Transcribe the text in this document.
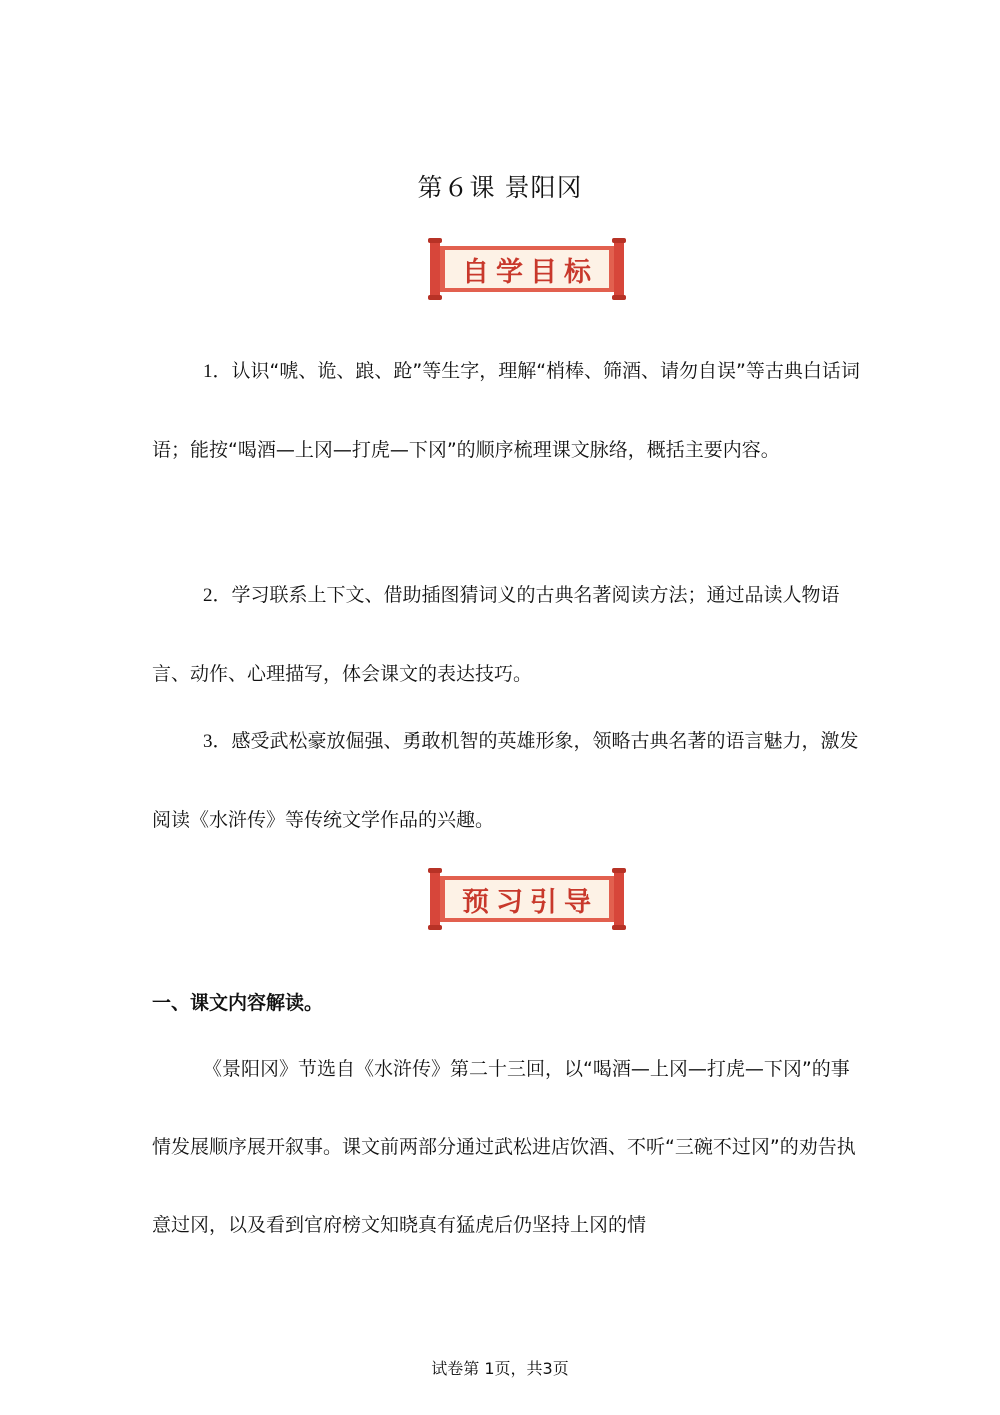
第６课 景阳冈
自学目标

1．认识“唬、诡、踉、跄”等生字，理解“梢棒、筛酒、请勿自误”等古典白话词语；能按“喝酒—上冈—打虎—下冈”的顺序梳理课文脉络，概括主要内容。

2．学习联系上下文、借助插图猜词义的古典名著阅读方法；通过品读人物语言、动作、心理描写，体会课文的表达技巧。

3．感受武松豪放倔强、勇敢机智的英雄形象，领略古典名著的语言魅力，激发阅读《水浒传》等传统文学作品的兴趣。

预习引导

一、课文内容解读。

《景阳冈》节选自《水浒传》第二十三回，以“喝酒—上冈—打虎—下冈”的事情发展顺序展开叙事。课文前两部分通过武松进店饮酒、不听“三碗不过冈”的劝告执意过冈，以及看到官府榜文知晓真有猛虎后仍坚持上冈的情

试卷第 1页，共3页
